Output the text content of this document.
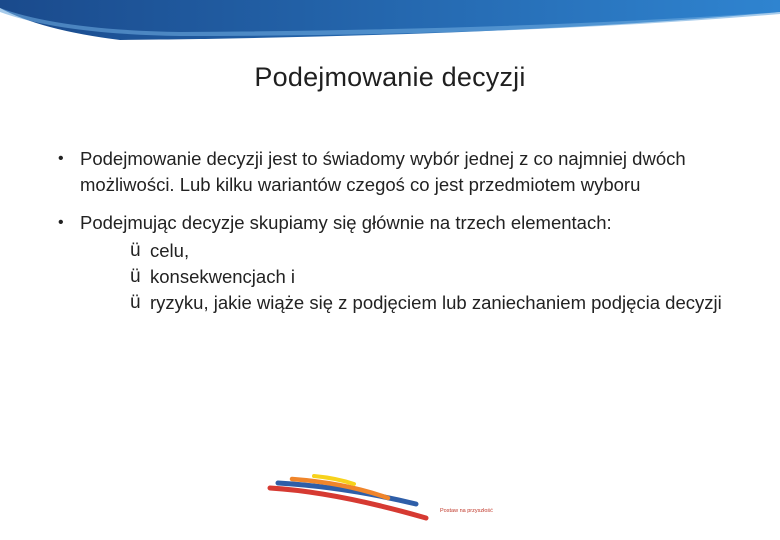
Podejmowanie decyzji
• Podejmowanie decyzji jest to świadomy wybór jednej z co najmniej dwóch możliwości. Lub kilku wariantów czegoś co jest przedmiotem wyboru
• Podejmując decyzje skupiamy się głównie na trzech elementach:
ü celu,
ü konsekwencjach i
ü ryzyku, jakie wiąże się z podjęciem lub zaniechaniem podjęcia decyzji
Postaw na przyszłość
